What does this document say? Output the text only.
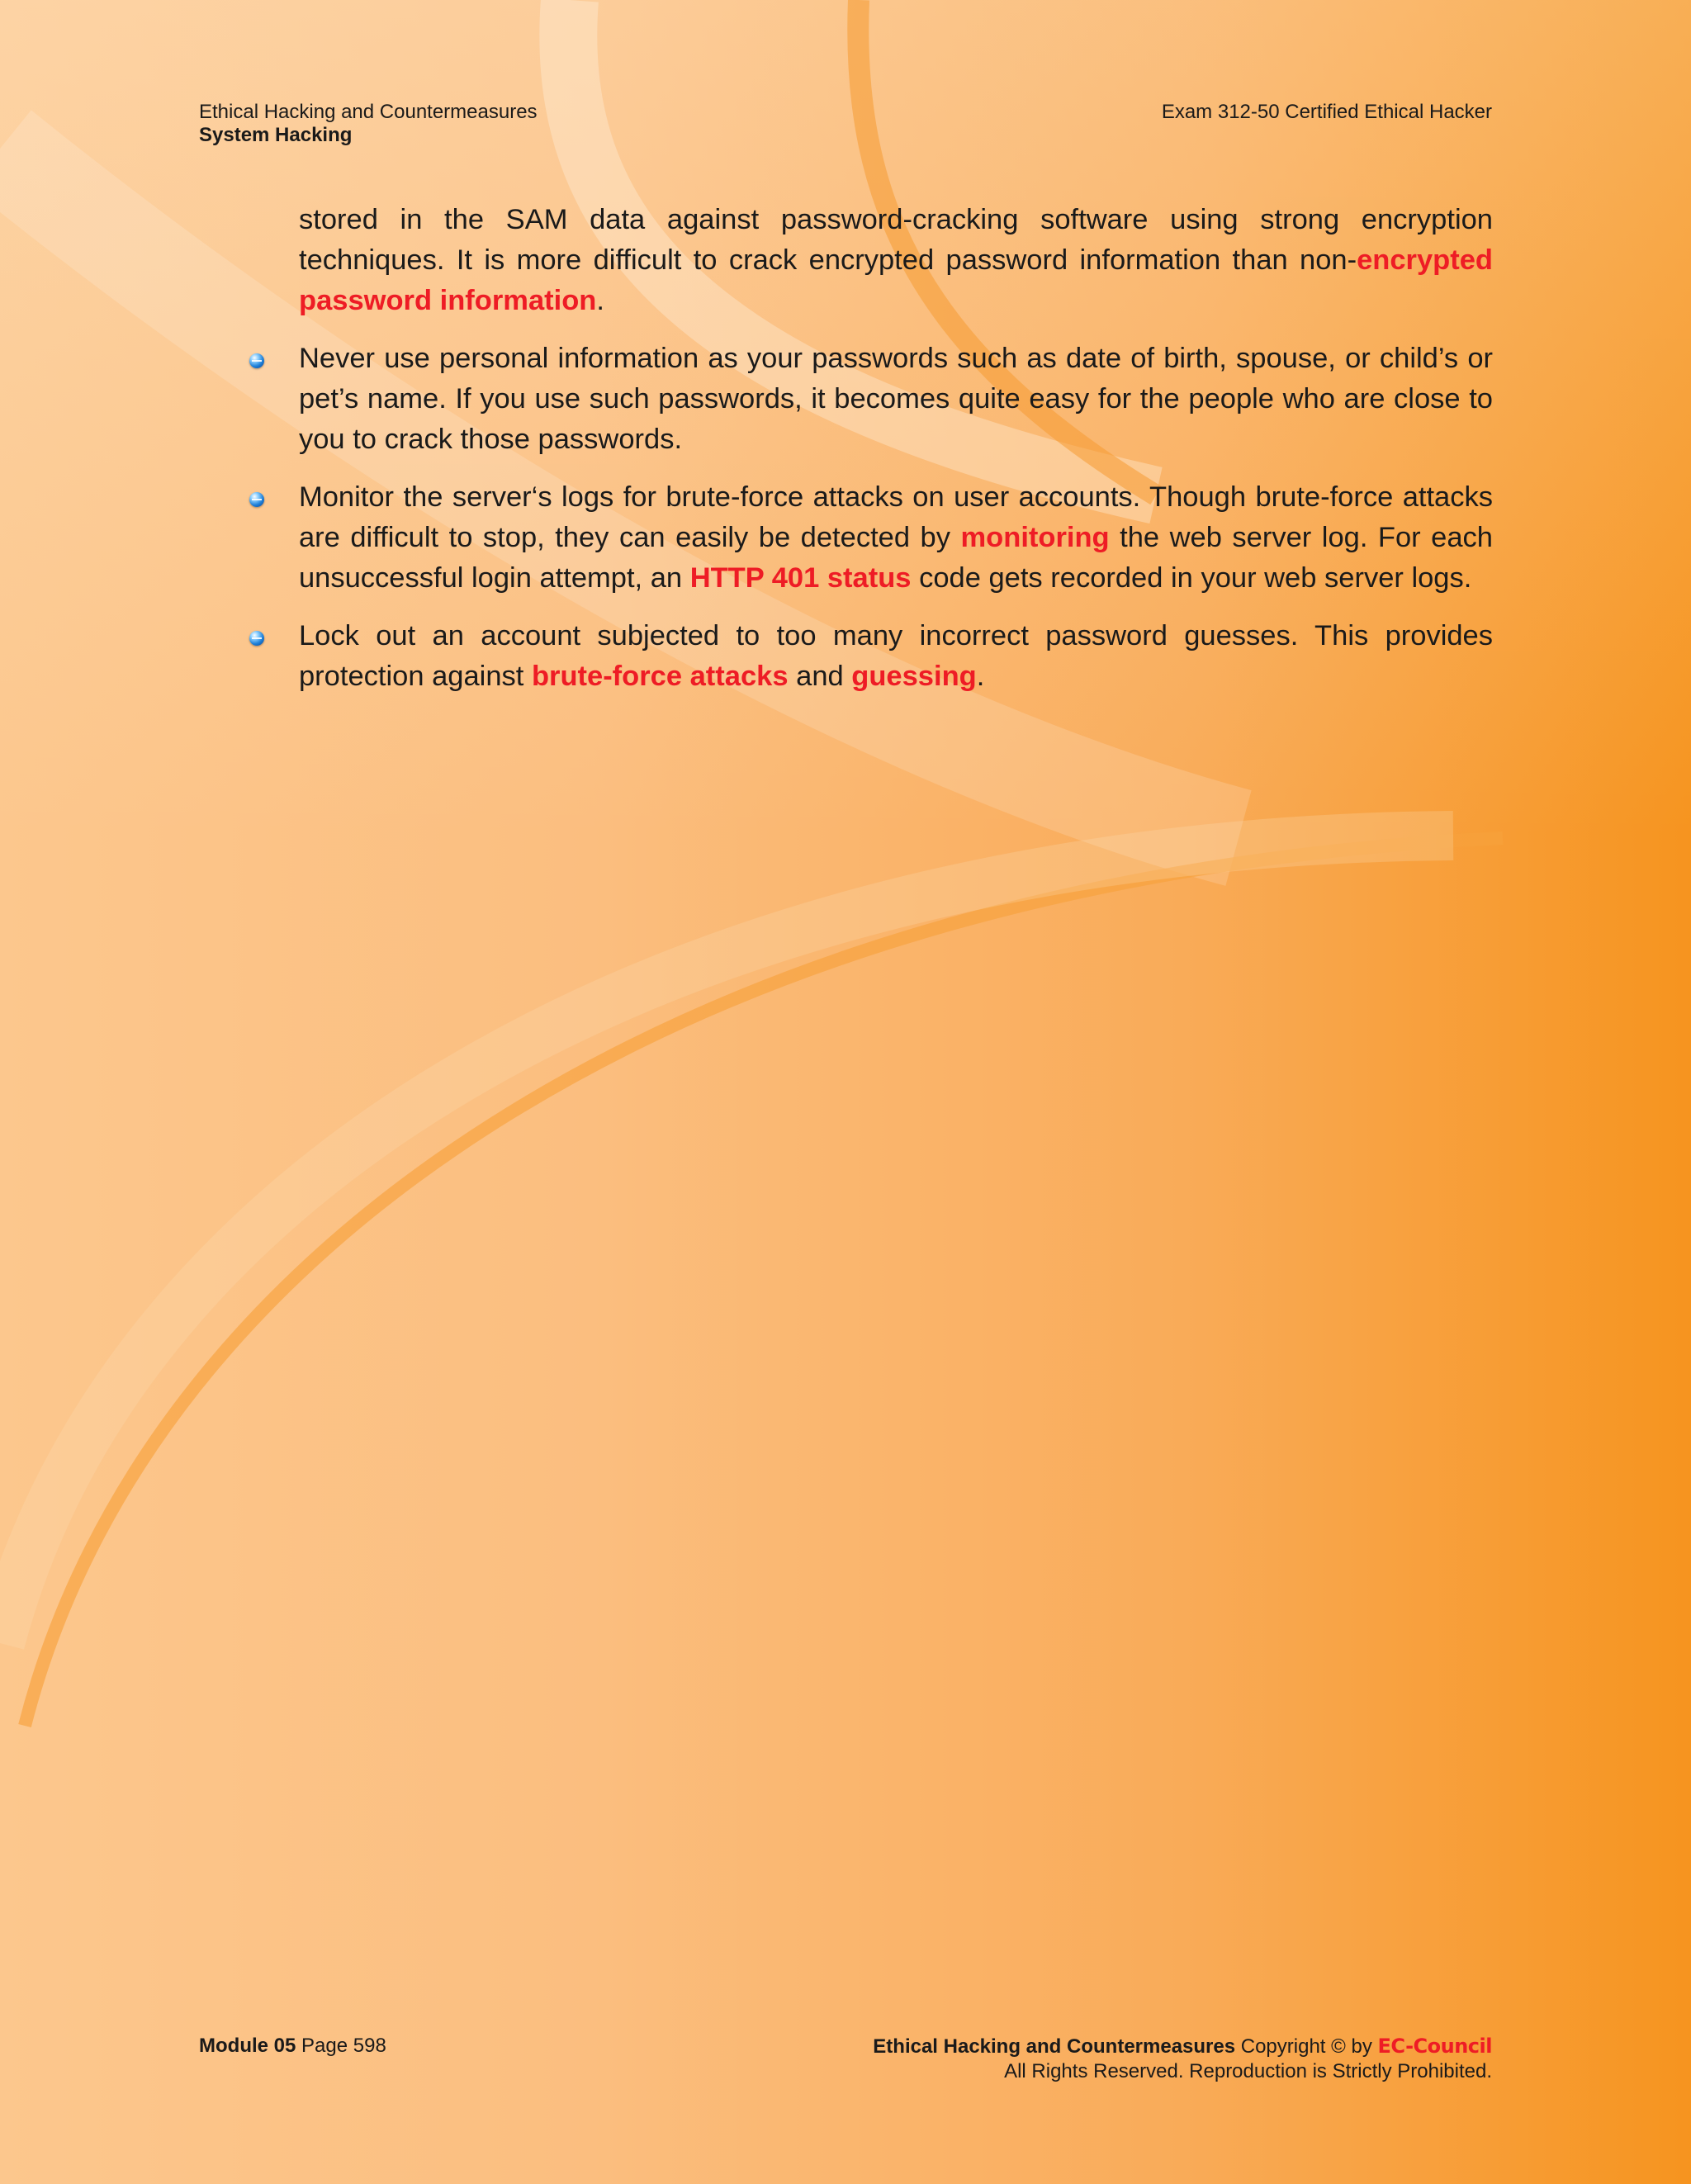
Ethical Hacking and Countermeasures
System Hacking
Exam 312-50 Certified Ethical Hacker

stored in the SAM data against password-cracking software using strong encryption techniques. It is more difficult to crack encrypted password information than non-encrypted password information.

Never use personal information as your passwords such as date of birth, spouse, or child’s or pet’s name. If you use such passwords, it becomes quite easy for the people who are close to you to crack those passwords.
Monitor the server‘s logs for brute-force attacks on user accounts. Though brute-force attacks are difficult to stop, they can easily be detected by monitoring the web server log. For each unsuccessful login attempt, an HTTP 401 status code gets recorded in your web server logs.
Lock out an account subjected to too many incorrect password guesses. This provides protection against brute-force attacks and guessing.
Module 05 Page 598	Ethical Hacking and Countermeasures Copyright © by EC-Council
All Rights Reserved. Reproduction is Strictly Prohibited.
